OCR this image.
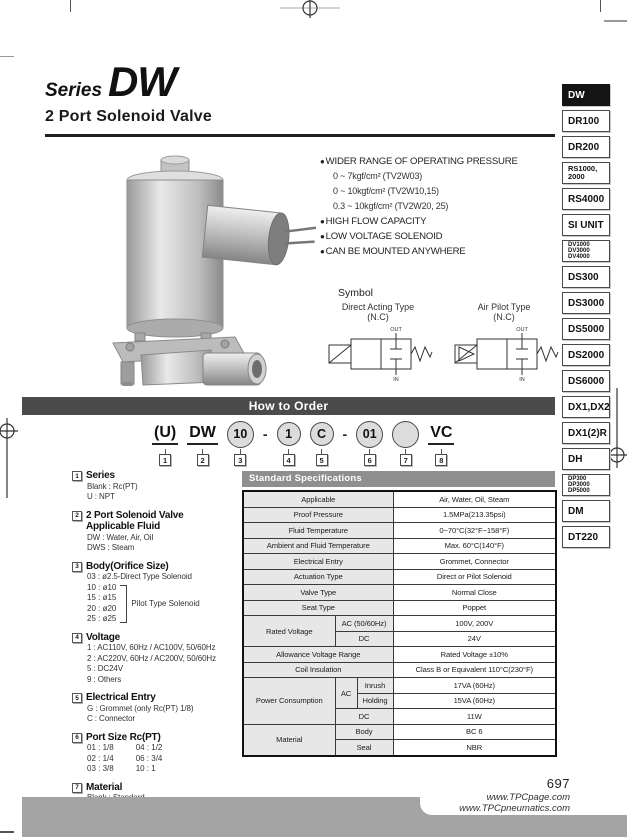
Series DW
2 Port Solenoid Valve
DW
DR100
DR200
RS1000,
2000
RS4000
SI UNIT
DV1000
DV3000
DV4000
DS300
DS3000
DS5000
DS2000
DS6000
DX1,DX2
DX1(2)R
DH
DP300
DP3000
DP5000
DM
DT220
●WIDER RANGE OF OPERATING PRESSURE
0 ~ 7kgf/cm² (TV2W03)
0 ~ 10kgf/cm² (TV2W10,15)
0.3 ~ 10kgf/cm² (TV2W20, 25)
●HIGH FLOW CAPACITY
●LOW VOLTAGE SOLENOID
●CAN BE MOUNTED ANYWHERE
Symbol
Direct Acting Type
(N.C)
OUT
IN
Air Pilot Type
(N.C)
OUT
IN
How to Order
(U)
1
DW
2
10
3
-	1
4
C
5
-	01
6	7
VC
8
1 Series
Blank : Rc(PT)
U : NPT
2 2 Port Solenoid Valve
Applicable Fluid
DW : Water, Air, Oil
DWS : Steam
3 Body(Orifice Size)
03 : ø2.5-Direct Type Solenoid
10 : ø10
15 : ø15
20 : ø20
25 : ø25
Pilot Type Solenoid
4 Voltage
1 : AC110V, 60Hz / AC100V, 50/60Hz
2 : AC220V, 60Hz / AC200V, 50/60Hz
5 : DC24V
9 : Others
5 Electrical Entry
G : Grommet (only Rc(PT) 1/8)
C : Connector
6 Port Size Rc(PT)
01 : 1/8
02 : 1/4
03 : 3/8
04 : 1/2
06 : 3/4
10 : 1
7 Material
Standard Specifications
Applicable			Air, Water, Oil, Steam
Proof Pressure			1.5MPa(213.35psi)
Fluid Temperature			0~70°C(32°F~158°F)
Ambient and Fluid Temperature			Max. 60°C(140°F)
Electrical Entry			Grommet, Connector
Actuation Type			Direct or Pilot Solenoid
Valve Type			Normal Close
Seat Type			Poppet
Rated Voltage	AC (50/60Hz)		100V, 200V
	DC		24V
Allowance Voltage Range			Rated Voltage ±10%
Coil Insulation			Class B or Equivalent 110°C(230°F)
Power Consumption	AC	Inrush	17VA (60Hz)
		Holding	15VA (60Hz)
	DC		11W
Material	Body		BC 6
	Seal		NBR
697
www.TPCpage.com
www.TPCpneumatics.com
